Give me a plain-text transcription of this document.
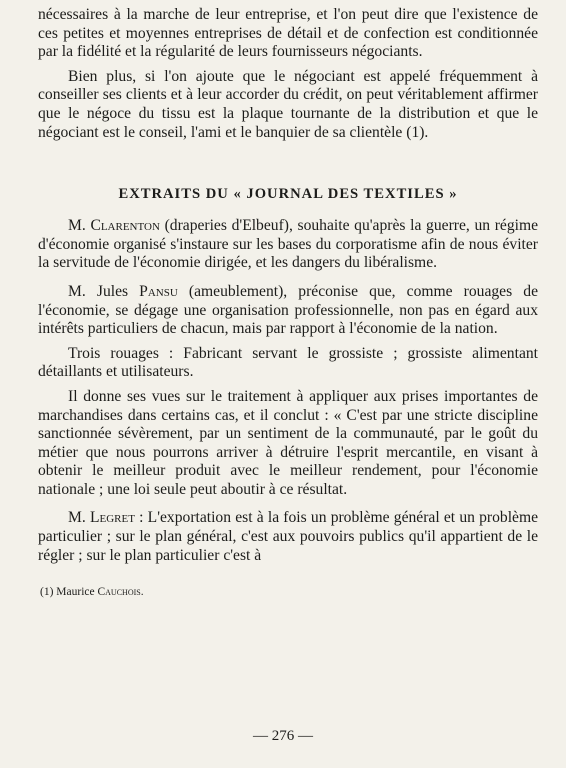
nécessaires à la marche de leur entreprise, et l'on peut dire que l'existence de ces petites et moyennes entreprises de détail et de confection est conditionnée par la fidélité et la régularité de leurs fournisseurs négociants.

Bien plus, si l'on ajoute que le négociant est appelé fréquemment à conseiller ses clients et à leur accorder du crédit, on peut véritablement affirmer que le négoce du tissu est la plaque tournante de la distribution et que le négociant est le conseil, l'ami et le banquier de sa clientèle (1).

EXTRAITS DU « JOURNAL DES TEXTILES »

M. Clarenton (draperies d'Elbeuf), souhaite qu'après la guerre, un régime d'économie organisé s'instaure sur les bases du corporatisme afin de nous éviter la servitude de l'économie dirigée, et les dangers du libéralisme.

M. Jules Pansu (ameublement), préconise que, comme rouages de l'économie, se dégage une organisation professionnelle, non pas en égard aux intérêts particuliers de chacun, mais par rapport à l'économie de la nation.

Trois rouages : Fabricant servant le grossiste ; grossiste alimentant détaillants et utilisateurs.

Il donne ses vues sur le traitement à appliquer aux prises importantes de marchandises dans certains cas, et il conclut : « C'est par une stricte discipline sanctionnée sévèrement, par un sentiment de la communauté, par le goût du métier que nous pourrons arriver à détruire l'esprit mercantile, en visant à obtenir le meilleur produit avec le meilleur rendement, pour l'économie nationale ; une loi seule peut aboutir à ce résultat.

M. Legret : L'exportation est à la fois un problème général et un problème particulier ; sur le plan général, c'est aux pouvoirs publics qu'il appartient de le régler ; sur le plan particulier c'est à

(1) Maurice Cauchois.

— 276 —
